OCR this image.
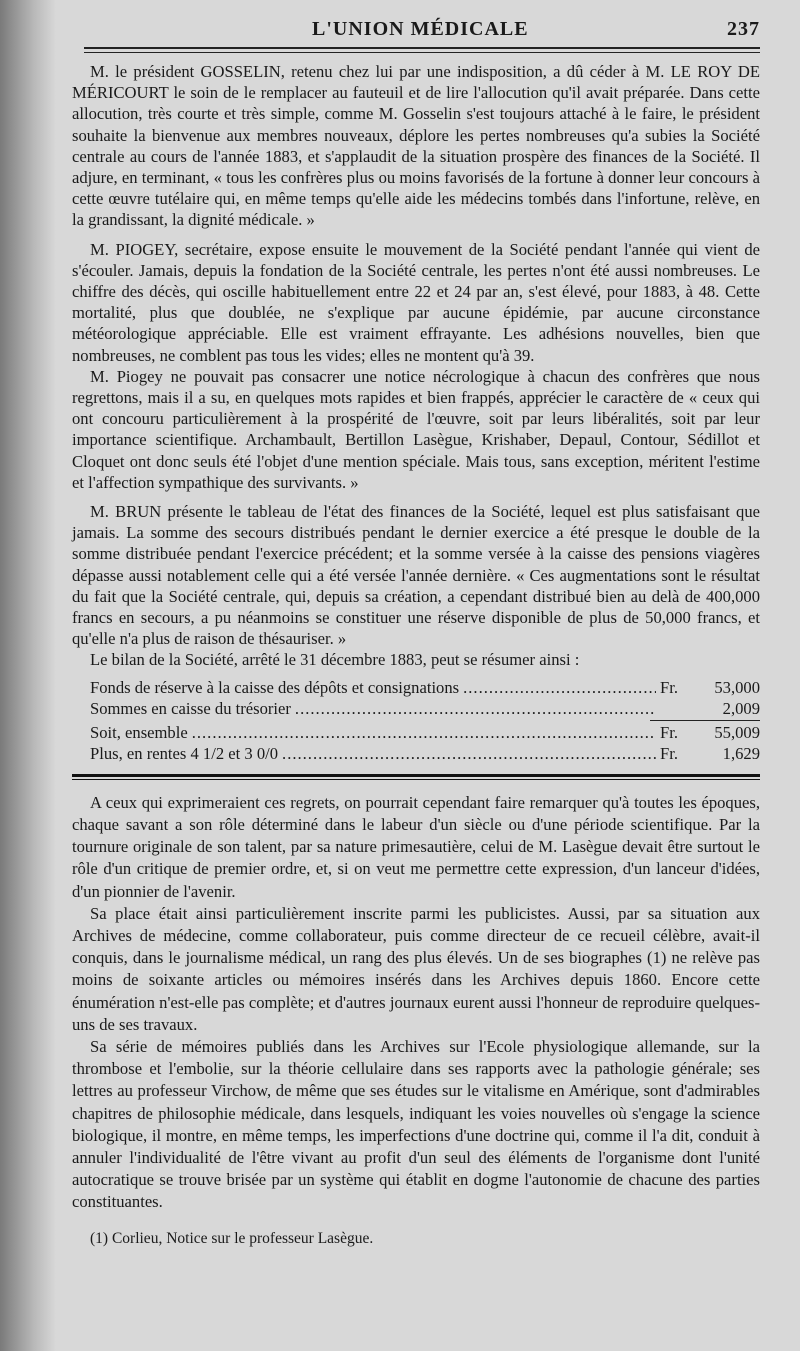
L'UNION MÉDICALE	237

M. le président GOSSELIN, retenu chez lui par une indisposition, a dû céder à M. LE ROY DE MÉRICOURT le soin de le remplacer au fauteuil et de lire l'allocution qu'il avait préparée. Dans cette allocution, très courte et très simple, comme M. Gosselin s'est toujours attaché à le faire, le président souhaite la bienvenue aux membres nouveaux, déplore les pertes nombreuses qu'a subies la Société centrale au cours de l'année 1883, et s'applaudit de la situation prospère des finances de la Société. Il adjure, en terminant, « tous les confrères plus ou moins favorisés de la fortune à donner leur concours à cette œuvre tutélaire qui, en même temps qu'elle aide les médecins tombés dans l'infortune, relève, en la grandissant, la dignité médicale. »

M. PIOGEY, secrétaire, expose ensuite le mouvement de la Société pendant l'année qui vient de s'écouler. Jamais, depuis la fondation de la Société centrale, les pertes n'ont été aussi nombreuses. Le chiffre des décès, qui oscille habituellement entre 22 et 24 par an, s'est élevé, pour 1883, à 48. Cette mortalité, plus que doublée, ne s'explique par aucune épidémie, par aucune circonstance météorologique appréciable. Elle est vraiment effrayante. Les adhésions nouvelles, bien que nombreuses, ne comblent pas tous les vides; elles ne montent qu'à 39.

M. Piogey ne pouvait pas consacrer une notice nécrologique à chacun des confrères que nous regrettons, mais il a su, en quelques mots rapides et bien frappés, apprécier le caractère de « ceux qui ont concouru particulièrement à la prospérité de l'œuvre, soit par leurs libéralités, soit par leur importance scientifique. Archambault, Bertillon Lasègue, Krishaber, Depaul, Contour, Sédillot et Cloquet ont donc seuls été l'objet d'une mention spéciale. Mais tous, sans exception, méritent l'estime et l'affection sympathique des survivants. »

M. BRUN présente le tableau de l'état des finances de la Société, lequel est plus satisfaisant que jamais. La somme des secours distribués pendant le dernier exercice a été presque le double de la somme distribuée pendant l'exercice précédent; et la somme versée à la caisse des pensions viagères dépasse aussi notablement celle qui a été versée l'année dernière. « Ces augmentations sont le résultat du fait que la Société centrale, qui, depuis sa création, a cependant distribué bien au delà de 400,000 francs en secours, a pu néanmoins se constituer une réserve disponible de plus de 50,000 francs, et qu'elle n'a plus de raison de thésauriser. »

Le bilan de la Société, arrêté le 31 décembre 1883, peut se résumer ainsi :

Fonds de réserve à la caisse des dépôts et consignations .....	Fr.	53,000
Sommes en caisse du trésorier .....	2,009
Soit, ensemble .....	Fr.	55,009
Plus, en rentes 4 1/2 et 3 0/0 .....	Fr.	1,629

A ceux qui exprimeraient ces regrets, on pourrait cependant faire remarquer qu'à toutes les époques, chaque savant a son rôle déterminé dans le labeur d'un siècle ou d'une période scientifique. Par la tournure originale de son talent, par sa nature primesautière, celui de M. Lasègue devait être surtout le rôle d'un critique de premier ordre, et, si on veut me permettre cette expression, d'un lanceur d'idées, d'un pionnier de l'avenir.

Sa place était ainsi particulièrement inscrite parmi les publicistes. Aussi, par sa situation aux Archives de médecine, comme collaborateur, puis comme directeur de ce recueil célèbre, avait-il conquis, dans le journalisme médical, un rang des plus élevés. Un de ses biographes (1) ne relève pas moins de soixante articles ou mémoires insérés dans les Archives depuis 1860. Encore cette énumération n'est-elle pas complète; et d'autres journaux eurent aussi l'honneur de reproduire quelques-uns de ses travaux.

Sa série de mémoires publiés dans les Archives sur l'Ecole physiologique allemande, sur la thrombose et l'embolie, sur la théorie cellulaire dans ses rapports avec la pathologie générale; ses lettres au professeur Virchow, de même que ses études sur le vitalisme en Amérique, sont d'admirables chapitres de philosophie médicale, dans lesquels, indiquant les voies nouvelles où s'engage la science biologique, il montre, en même temps, les imperfections d'une doctrine qui, comme il l'a dit, conduit à annuler l'individualité de l'être vivant au profit d'un seul des éléments de l'organisme dont l'unité autocratique se trouve brisée par un système qui établit en dogme l'autonomie de chacune des parties constituantes.

(1) Corlieu, Notice sur le professeur Lasègue.
